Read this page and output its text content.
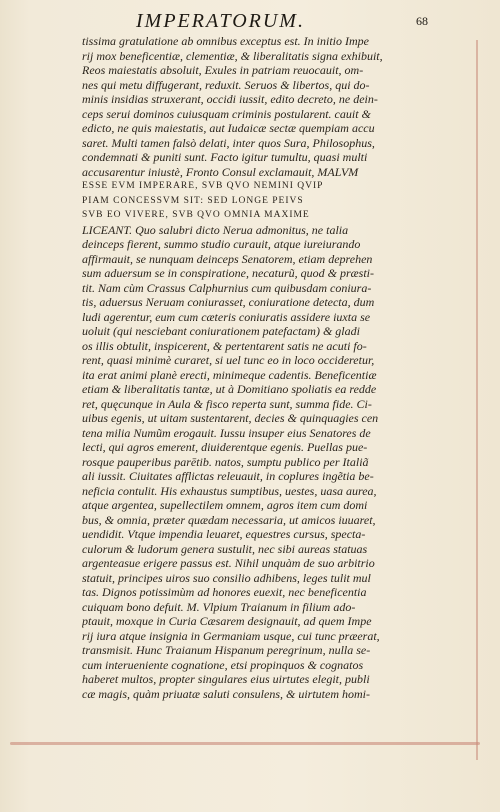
IMPERATORUM.	68
tissima gratulatione ab omnibus exceptus est. In initio Impe
rij mox beneficentiæ, clementiæ, & liberalitatis signa exhibuit,
Reos maiestatis absoluit, Exules in patriam reuocauit, om-
nes qui metu diffugerant, reduxit. Seruos & libertos, qui do-
minis insidias struxerant, occidi iussit, edito decreto, ne dein-
ceps serui dominos cuiusquam criminis postularent. cauit &
edicto, ne quis maiestatis, aut Iudaicæ sectæ quempiam accu
saret. Multi tamen falsò delati, inter quos Sura, Philosophus,
condemnati & puniti sunt. Facto igitur tumultu, quasi multi
accusarentur iniustè, Fronto Consul exclamauit, MALVM
ESSE EVM IMPERARE, SVB QVO NEMINI QVIP
PIAM CONCESSVM SIT: SED LONGE PEIVS
SVB EO VIVERE, SVB QVO OMNIA MAXIME
LICEANT. Quo salubri dicto Nerua admonitus, ne talia
deinceps fierent, summo studio curauit, atque iureiurando
affirmauit, se nunquam deinceps Senatorem, etiam deprehen
sum aduersum se in conspiratione, necaturũ, quod & præsti-
tit. Nam cùm Crassus Calphurnius cum quibusdam coniura-
tis, aduersus Neruam coniurasset, coniuratione detecta, dum
ludi agerentur, eum cum cæteris coniuratis assidere iuxta se
uoluit (qui nesciebant coniurationem patefactam) & gladi
os illis obtulit, inspicerent, & pertentarent satis ne acuti fo-
rent, quasi minimè curaret, si uel tunc eo in loco occideretur,
ita erat animi planè erecti, minimeque cadentis. Beneficentiæ
etiam & liberalitatis tantæ, ut à Domitiano spoliatis ea redde
ret, quęcunque in Aula & fisco reperta sunt, summa fide. Ci-
uibus egenis, ut uitam sustentarent, decies & quinquagies cen
tena milia Numũm erogauit. Iussu insuper eius Senatores de
lecti, qui agros emerent, diuiderentque egenis. Puellas pue-
rosque pauperibus parētib. natos, sumptu publico per Italiã
ali iussit. Ciuitates afflictas releuauit, in coplures ingẽtia be-
neficia contulit. His exhaustus sumptibus, uestes, uasa aurea,
atque argentea, supellectilem omnem, agros item cum domi
bus, & omnia, præter quædam necessaria, ut amicos iuuaret,
uendidit. Vtque impendia leuaret, equestres cursus, specta-
culorum & ludorum genera sustulit, nec sibi aureas statuas
argenteasue erigere passus est. Nihil unquàm de suo arbitrio
statuit, principes uiros suo consilio adhibens, leges tulit mul
tas. Dignos potissimùm ad honores euexit, nec beneficentia
cuiquam bono defuit. M. Vlpium Traianum in filium ado-
ptauit, moxque in Curia Cæsarem designauit, ad quem Impe
rij iura atque insignia in Germaniam usque, cui tunc præerat,
transmisit. Hunc Traianum Hispanum peregrinum, nulla se-
cum interueniente cognatione, etsi propinquos & cognatos
haberet multos, propter singulares eius uirtutes elegit, publi
cæ magis, quàm priuatæ saluti consulens, & uirtutem homi-
